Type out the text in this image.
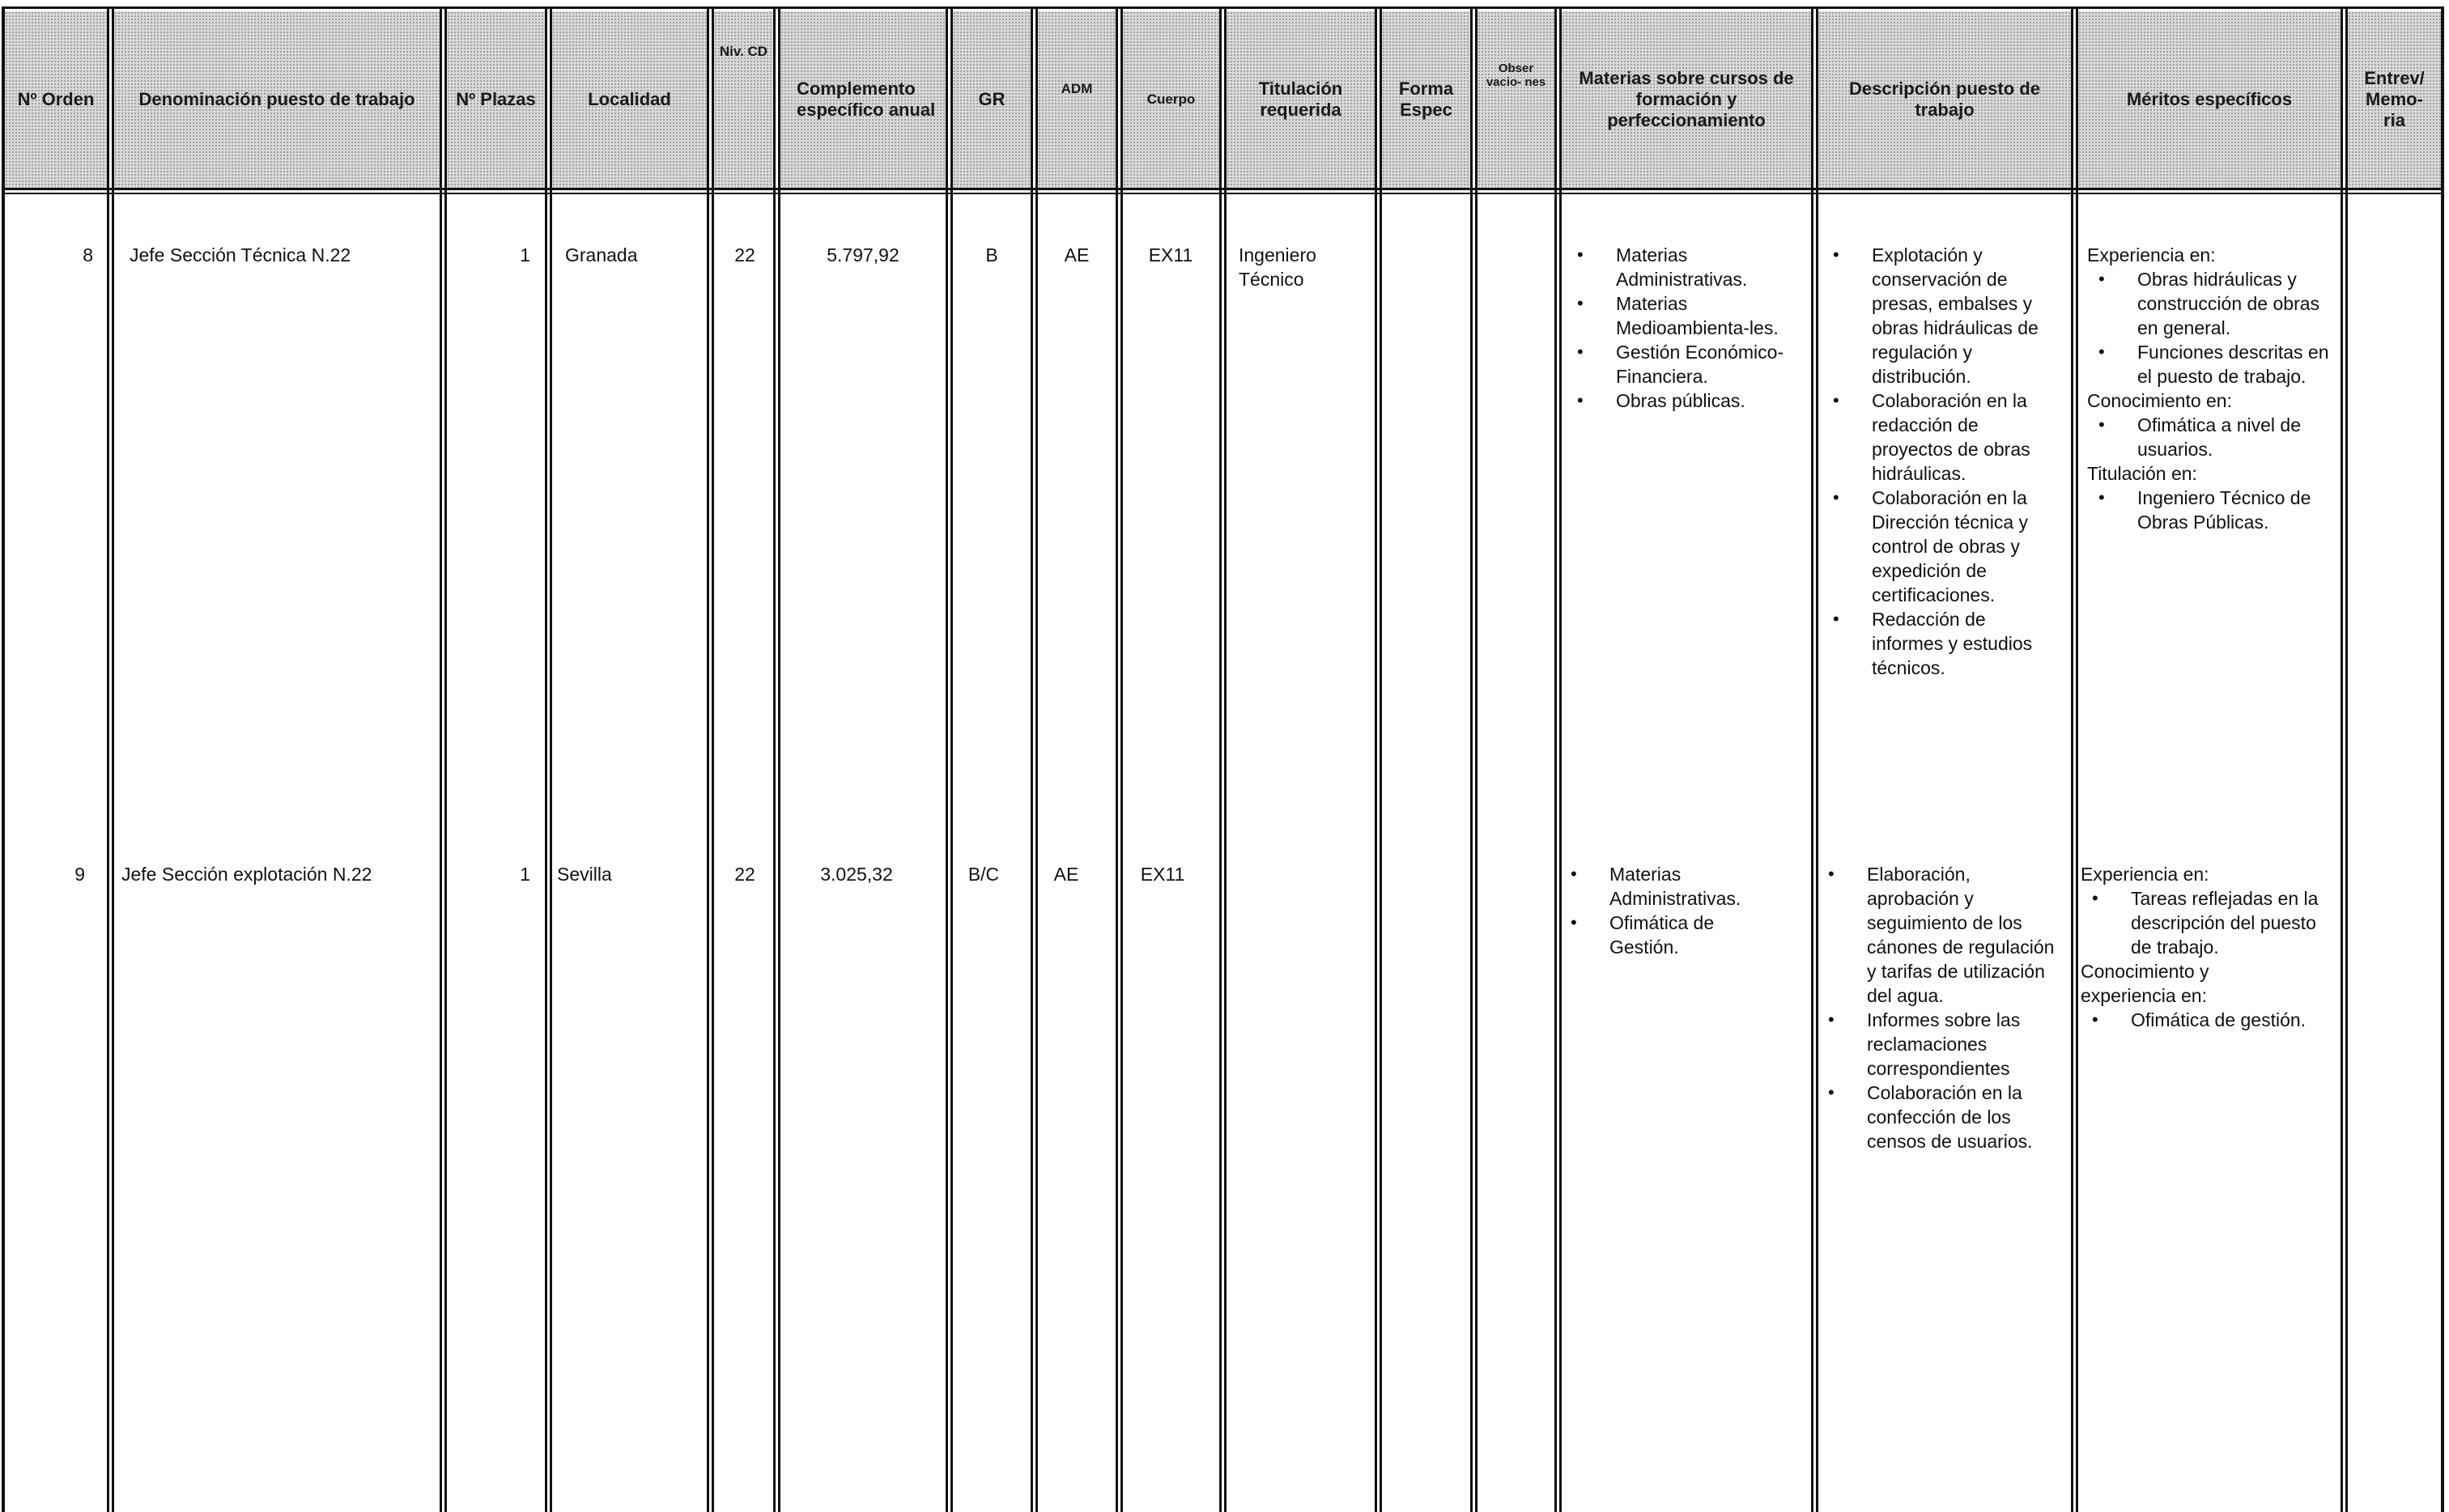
Nº Orden	Denominación puesto de trabajo	Nº Plazas	Localidad
Niv. CD
Complemento específico anual
GR
ADM
Cuerpo
Titulación requerida
Forma Espec
Obser vacio- nes	Materias sobre cursos de formación y perfeccionamiento
Descripción puesto de trabajo
Méritos específicos
Entrev/ Memo- ria
8 Jefe Sección Técnica N.22	1 Granada	22	5.797,92	B	AE	EX11	Ingeniero Técnico
• Materias Administrativas.
• Materias Medioambienta-les.
• Gestión Económico-Financiera.
• Obras públicas.
• Explotación y conservación de presas, embalses y obras hidráulicas de regulación y distribución.
• Colaboración en la redacción de proyectos de obras hidráulicas.
• Colaboración en la Dirección técnica y control de obras y expedición de certificaciones.
• Redacción de informes y estudios técnicos.

Experiencia en:

• Obras hidráulicas y construcción de obras en general.
• Funciones descritas en el puesto de trabajo.

Conocimiento en:

• Ofimática a nivel de usuarios.

Titulación en:

• Ingeniero Técnico de Obras Públicas.
9 Jefe Sección explotación N.22	1 Sevilla	22	3.025,32	B/C	AE	EX11
•	Materias Administrativas.
• Ofimática de Gestión.
• Elaboración, aprobación y seguimiento de los cánones de regulación y tarifas de utilización del agua.
• Informes sobre las reclamaciones correspondientes
• Colaboración en la confección de los censos de usuarios.

Experiencia en:

• Tareas reflejadas en la descripción del puesto de trabajo.

Conocimiento y experiencia en:

• Ofimática de gestión.
